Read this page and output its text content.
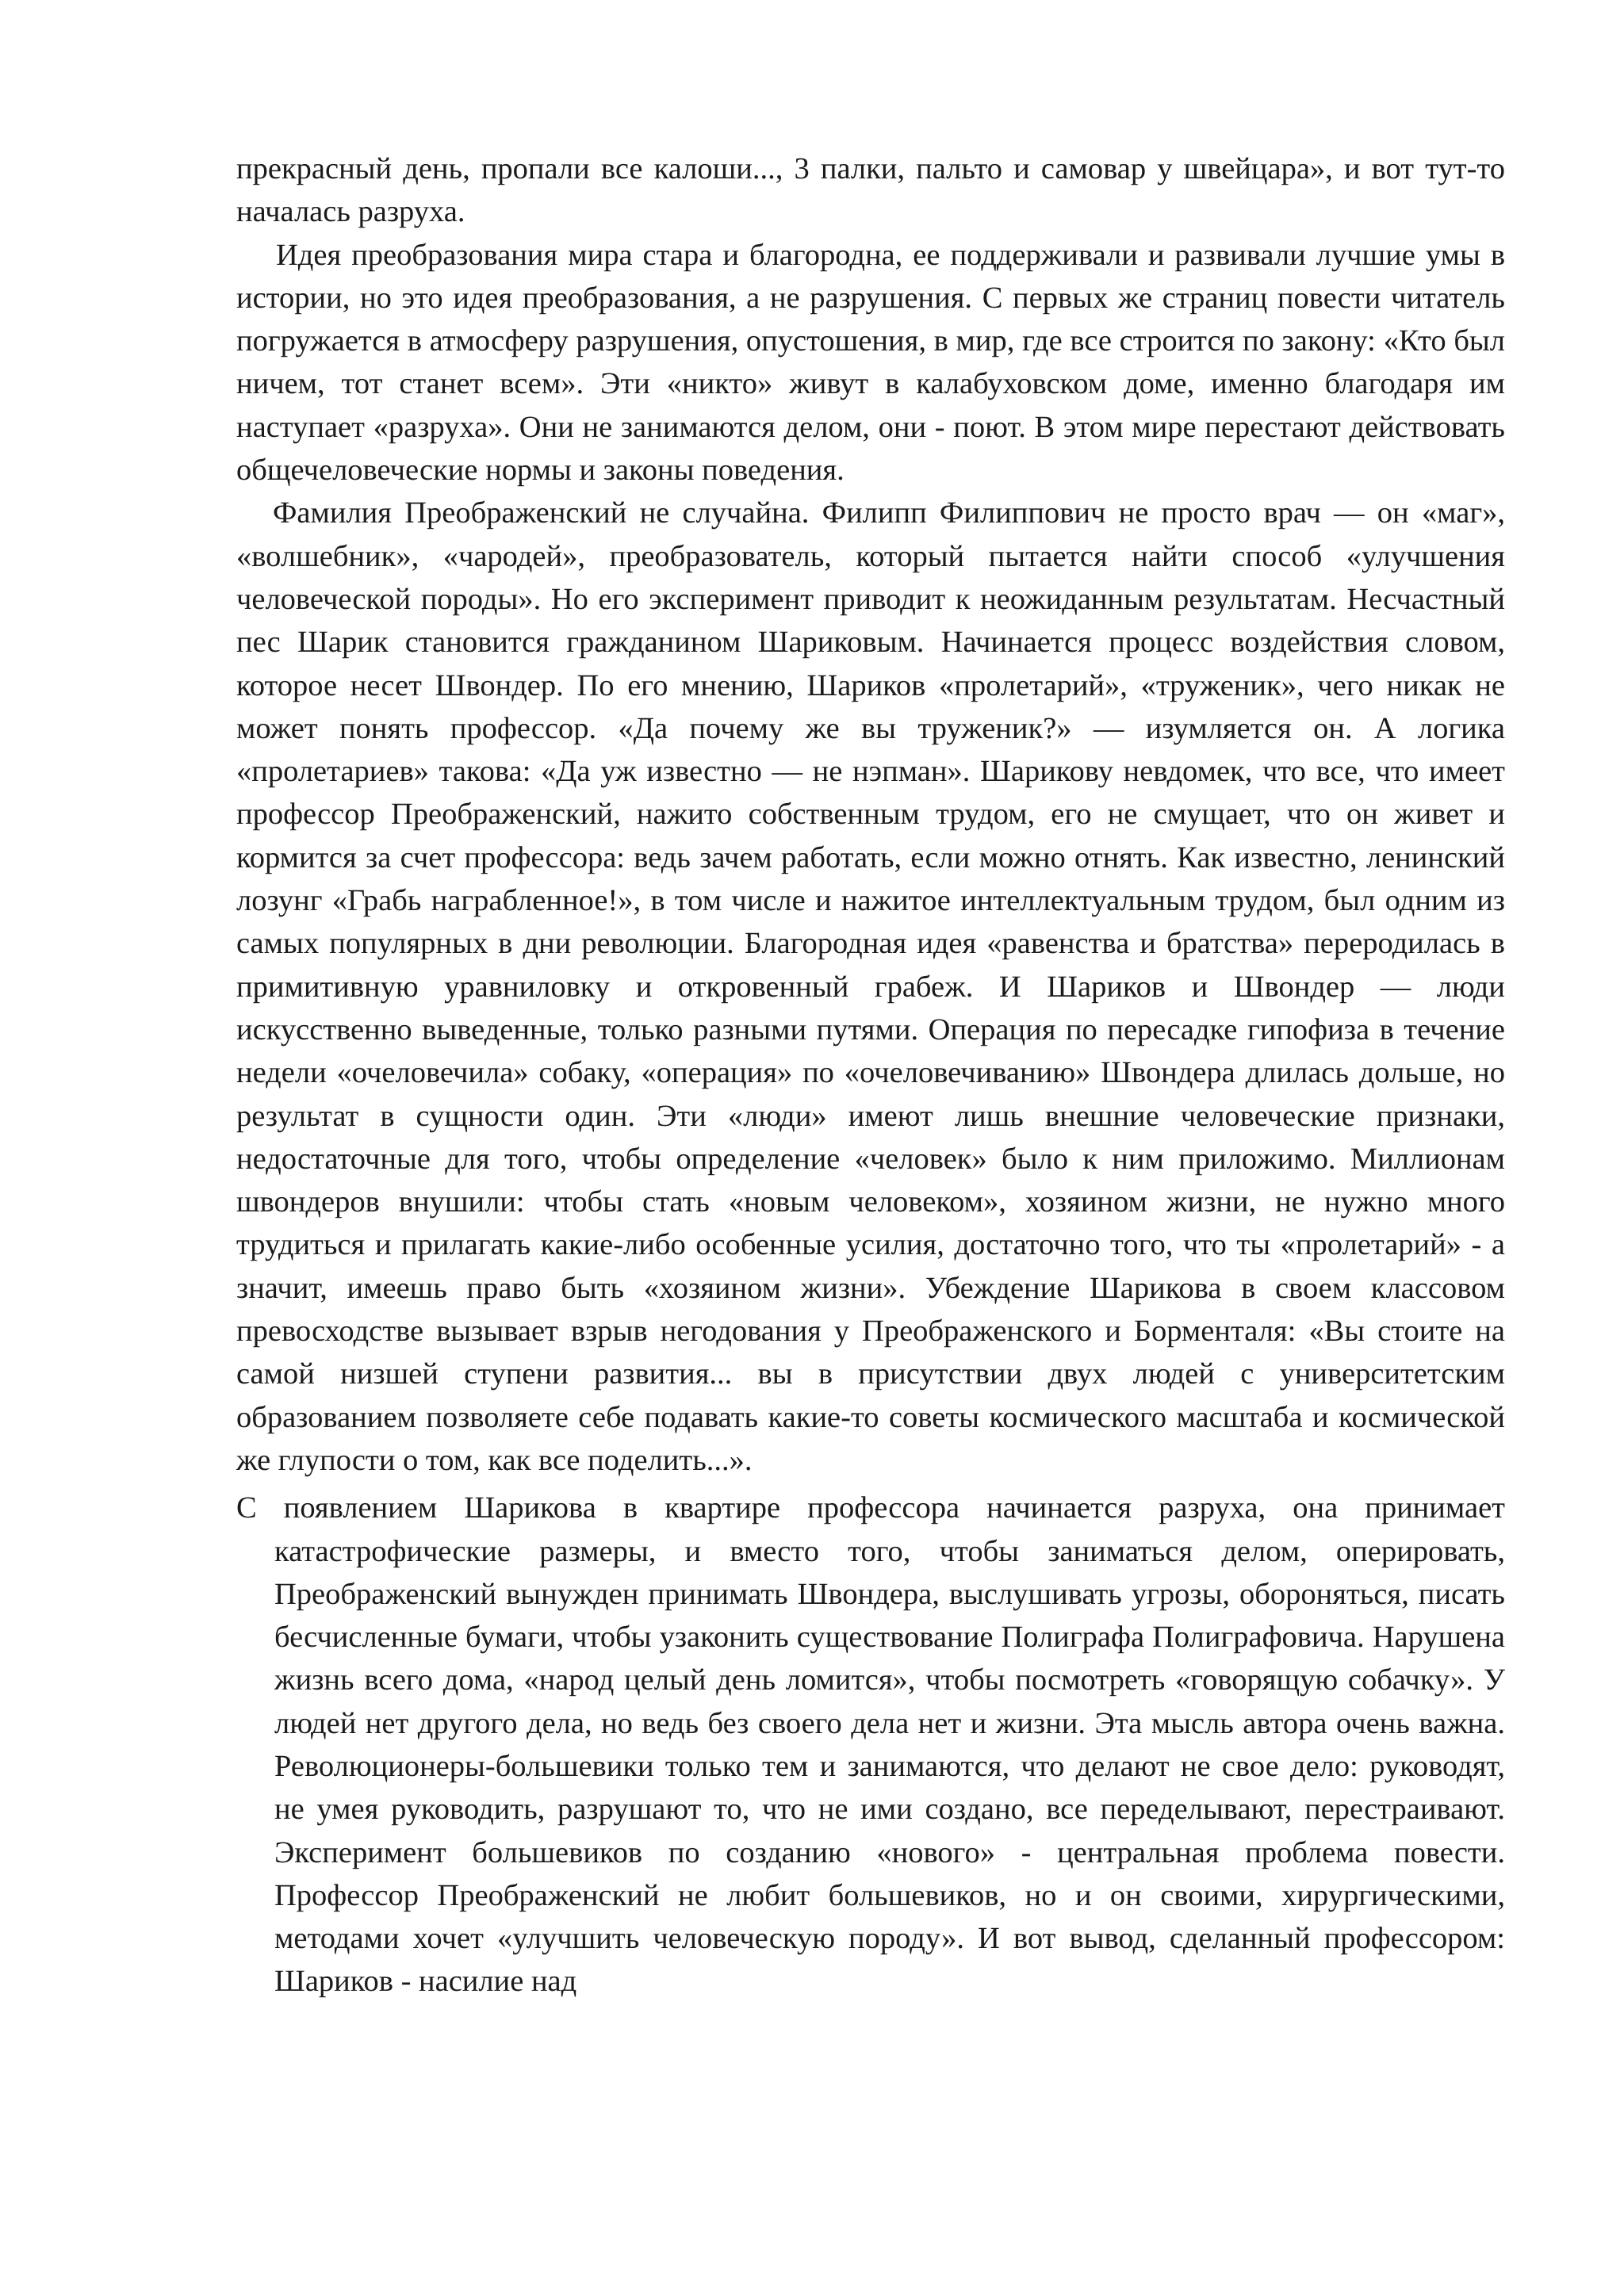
прекрасный день, пропали все калоши..., 3 палки, пальто и самовар у швейцара», и вот тут-то началась разруха.

Идея преобразования мира стара и благородна, ее поддерживали и развивали лучшие умы в истории, но это идея преобразования, а не разрушения. С первых же страниц повести читатель погружается в атмосферу разрушения, опустошения, в мир, где все строится по закону: «Кто был ничем, тот станет всем». Эти «никто» живут в калабуховском доме, именно благодаря им наступает «разруха». Они не занимаются делом, они - поют. В этом мире перестают действовать общечеловеческие нормы и законы поведения.

Фамилия Преображенский не случайна. Филипп Филиппович не просто врач — он «маг», «волшебник», «чародей», преобразователь, который пытается найти способ «улучшения человеческой породы». Но его эксперимент приводит к неожиданным результатам. Несчастный пес Шарик становится гражданином Шариковым. Начинается процесс воздействия словом, которое несет Швондер. По его мнению, Шариков «пролетарий», «труженик», чего никак не может понять профессор. «Да почему же вы труженик?» — изумляется он. А логика «пролетариев» такова: «Да уж известно — не нэпман». Шарикову невдомек, что все, что имеет профессор Преображенский, нажито собственным трудом, его не смущает, что он живет и кормится за счет профессора: ведь зачем работать, если можно отнять. Как известно, ленинский лозунг «Грабь награбленное!», в том числе и нажитое интеллектуальным трудом, был одним из самых популярных в дни революции. Благородная идея «равенства и братства» переродилась в примитивную уравниловку и откровенный грабеж. И Шариков и Швондер — люди искусственно выведенные, только разными путями. Операция по пересадке гипофиза в течение недели «очеловечила» собаку, «операция» по «очеловечиванию» Швондера длилась дольше, но результат в сущности один. Эти «люди» имеют лишь внешние человеческие признаки, недостаточные для того, чтобы определение «человек» было к ним приложимо. Миллионам швондеров внушили: чтобы стать «новым человеком», хозяином жизни, не нужно много трудиться и прилагать какие-либо особенные усилия, достаточно того, что ты «пролетарий» - а значит, имеешь право быть «хозяином жизни». Убеждение Шарикова в своем классовом превосходстве вызывает взрыв негодования у Преображенского и Борменталя: «Вы стоите на самой низшей ступени развития... вы в присутствии двух людей с университетским образованием позволяете себе подавать какие-то советы космического масштаба и космической же глупости о том, как все поделить...».

С появлением Шарикова в квартире профессора начинается разруха, она принимает катастрофические размеры, и вместо того, чтобы заниматься делом, оперировать, Преображенский вынужден принимать Швондера, выслушивать угрозы, обороняться, писать бесчисленные бумаги, чтобы узаконить существование Полиграфа Полиграфовича. Нарушена жизнь всего дома, «народ целый день ломится», чтобы посмотреть «говорящую собачку». У людей нет другого дела, но ведь без своего дела нет и жизни. Эта мысль автора очень важна. Революционеры-большевики только тем и занимаются, что делают не свое дело: руководят, не умея руководить, разрушают то, что не ими создано, все переделывают, перестраивают. Эксперимент большевиков по созданию «нового» - центральная проблема повести. Профессор Преображенский не любит большевиков, но и он своими, хирургическими, методами хочет «улучшить человеческую породу». И вот вывод, сделанный профессором: Шариков - насилие над
